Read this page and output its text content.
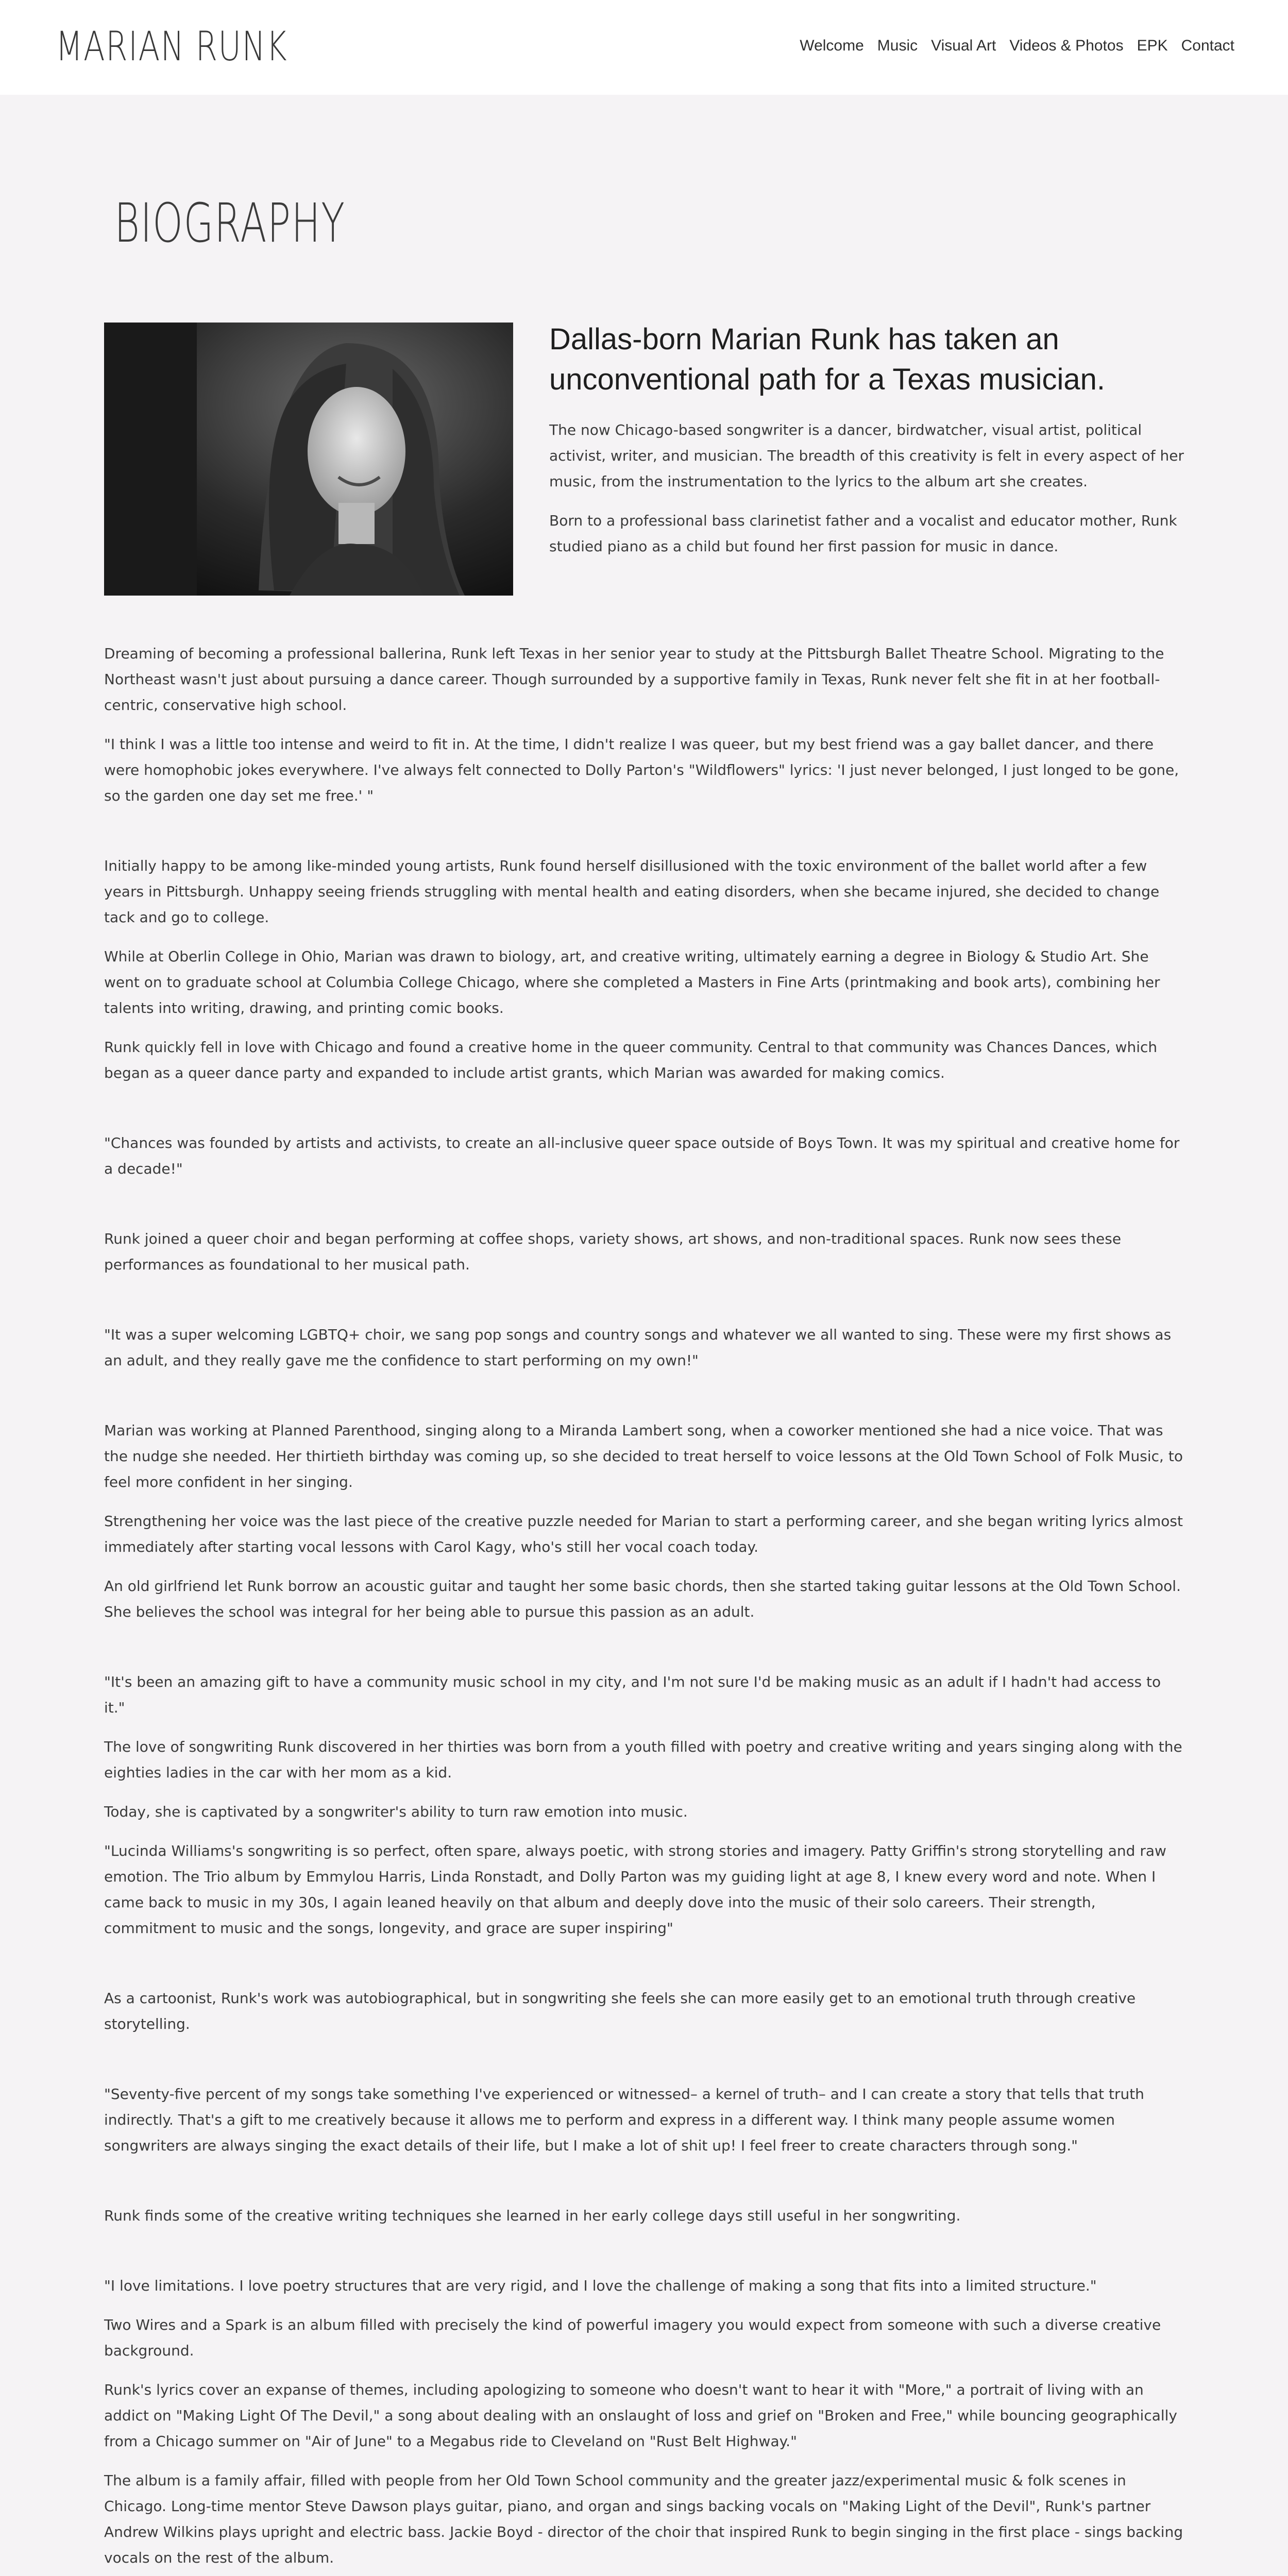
MARIAN RUNK	Welcome Music Visual Art Videos & Photos EPK Contact
BIOGRAPHY
Dallas-born Marian Runk has taken an unconventional path for a Texas musician.

The now Chicago-based songwriter is a dancer, birdwatcher, visual artist, political activist, writer, and musician. The breadth of this creativity is felt in every aspect of her music, from the instrumentation to the lyrics to the album art she creates.

Born to a professional bass clarinetist father and a vocalist and educator mother, Runk studied piano as a child but found her first passion for music in dance.

Dreaming of becoming a professional ballerina, Runk left Texas in her senior year to study at the Pittsburgh Ballet Theatre School. Migrating to the Northeast wasn't just about pursuing a dance career. Though surrounded by a supportive family in Texas, Runk never felt she fit in at her football-centric, conservative high school.

"I think I was a little too intense and weird to fit in. At the time, I didn't realize I was queer, but my best friend was a gay ballet dancer, and there were homophobic jokes everywhere. I've always felt connected to Dolly Parton's "Wildflowers" lyrics: 'I just never belonged, I just longed to be gone, so the garden one day set me free.' "

Initially happy to be among like-minded young artists, Runk found herself disillusioned with the toxic environment of the ballet world after a few years in Pittsburgh. Unhappy seeing friends struggling with mental health and eating disorders, when she became injured, she decided to change tack and go to college.

While at Oberlin College in Ohio, Marian was drawn to biology, art, and creative writing, ultimately earning a degree in Biology & Studio Art. She went on to graduate school at Columbia College Chicago, where she completed a Masters in Fine Arts (printmaking and book arts), combining her talents into writing, drawing, and printing comic books.

Runk quickly fell in love with Chicago and found a creative home in the queer community. Central to that community was Chances Dances, which began as a queer dance party and expanded to include artist grants, which Marian was awarded for making comics.

"Chances was founded by artists and activists, to create an all-inclusive queer space outside of Boys Town. It was my spiritual and creative home for a decade!"

Runk joined a queer choir and began performing at coffee shops, variety shows, art shows, and non-traditional spaces. Runk now sees these performances as foundational to her musical path.

"It was a super welcoming LGBTQ+ choir, we sang pop songs and country songs and whatever we all wanted to sing. These were my first shows as an adult, and they really gave me the confidence to start performing on my own!"

Marian was working at Planned Parenthood, singing along to a Miranda Lambert song, when a coworker mentioned she had a nice voice. That was the nudge she needed. Her thirtieth birthday was coming up, so she decided to treat herself to voice lessons at the Old Town School of Folk Music, to feel more confident in her singing.

Strengthening her voice was the last piece of the creative puzzle needed for Marian to start a performing career, and she began writing lyrics almost immediately after starting vocal lessons with Carol Kagy, who's still her vocal coach today.

An old girlfriend let Runk borrow an acoustic guitar and taught her some basic chords, then she started taking guitar lessons at the Old Town School. She believes the school was integral for her being able to pursue this passion as an adult.

"It's been an amazing gift to have a community music school in my city, and I'm not sure I'd be making music as an adult if I hadn't had access to it."

The love of songwriting Runk discovered in her thirties was born from a youth filled with poetry and creative writing and years singing along with the eighties ladies in the car with her mom as a kid.

Today, she is captivated by a songwriter's ability to turn raw emotion into music.

"Lucinda Williams's songwriting is so perfect, often spare, always poetic, with strong stories and imagery. Patty Griffin's strong storytelling and raw emotion. The Trio album by Emmylou Harris, Linda Ronstadt, and Dolly Parton was my guiding light at age 8, I knew every word and note. When I came back to music in my 30s, I again leaned heavily on that album and deeply dove into the music of their solo careers. Their strength, commitment to music and the songs, longevity, and grace are super inspiring"

As a cartoonist, Runk's work was autobiographical, but in songwriting she feels she can more easily get to an emotional truth through creative storytelling.

"Seventy-five percent of my songs take something I've experienced or witnessed– a kernel of truth– and I can create a story that tells that truth indirectly. That's a gift to me creatively because it allows me to perform and express in a different way. I think many people assume women songwriters are always singing the exact details of their life, but I make a lot of shit up! I feel freer to create characters through song."

Runk finds some of the creative writing techniques she learned in her early college days still useful in her songwriting.

"I love limitations. I love poetry structures that are very rigid, and I love the challenge of making a song that fits into a limited structure."

Two Wires and a Spark is an album filled with precisely the kind of powerful imagery you would expect from someone with such a diverse creative background.

Runk's lyrics cover an expanse of themes, including apologizing to someone who doesn't want to hear it with "More," a portrait of living with an addict on "Making Light Of The Devil," a song about dealing with an onslaught of loss and grief on "Broken and Free," while bouncing geographically from a Chicago summer on "Air of June" to a Megabus ride to Cleveland on "Rust Belt Highway."

The album is a family affair, filled with people from her Old Town School community and the greater jazz/experimental music & folk scenes in Chicago. Long-time mentor Steve Dawson plays guitar, piano, and organ and sings backing vocals on "Making Light of the Devil", Runk's partner Andrew Wilkins plays upright and electric bass. Jackie Boyd - director of the choir that inspired Runk to begin singing in the first place - sings backing vocals on the rest of the album.
